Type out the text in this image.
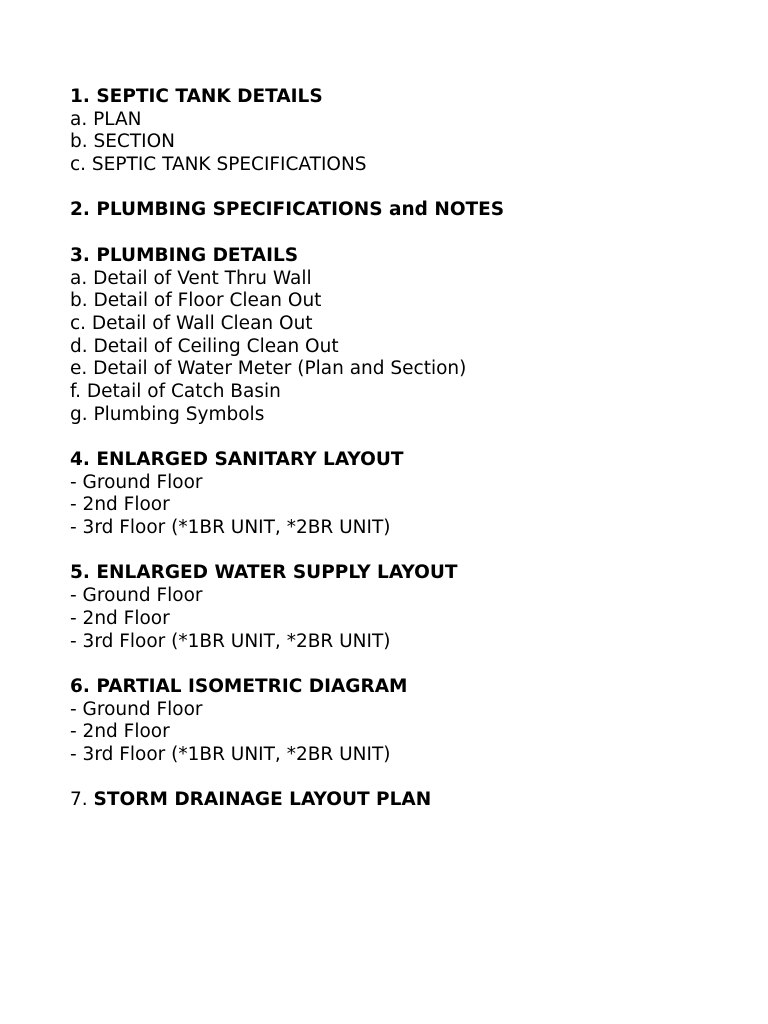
1. SEPTIC TANK DETAILS
a. PLAN
b. SECTION
c. SEPTIC TANK SPECIFICATIONS
2. PLUMBING SPECIFICATIONS and NOTES
3. PLUMBING DETAILS
a. Detail of Vent Thru Wall
b. Detail of Floor Clean Out
c. Detail of Wall Clean Out
d. Detail of Ceiling Clean Out
e. Detail of Water Meter (Plan and Section)
f. Detail of Catch Basin
g. Plumbing Symbols
4. ENLARGED SANITARY LAYOUT
- Ground Floor
- 2nd Floor
- 3rd Floor (*1BR UNIT, *2BR UNIT)
5. ENLARGED WATER SUPPLY LAYOUT
- Ground Floor
- 2nd Floor
- 3rd Floor (*1BR UNIT, *2BR UNIT)
6. PARTIAL ISOMETRIC DIAGRAM
- Ground Floor
- 2nd Floor
- 3rd Floor (*1BR UNIT, *2BR UNIT)
7. STORM DRAINAGE LAYOUT PLAN
